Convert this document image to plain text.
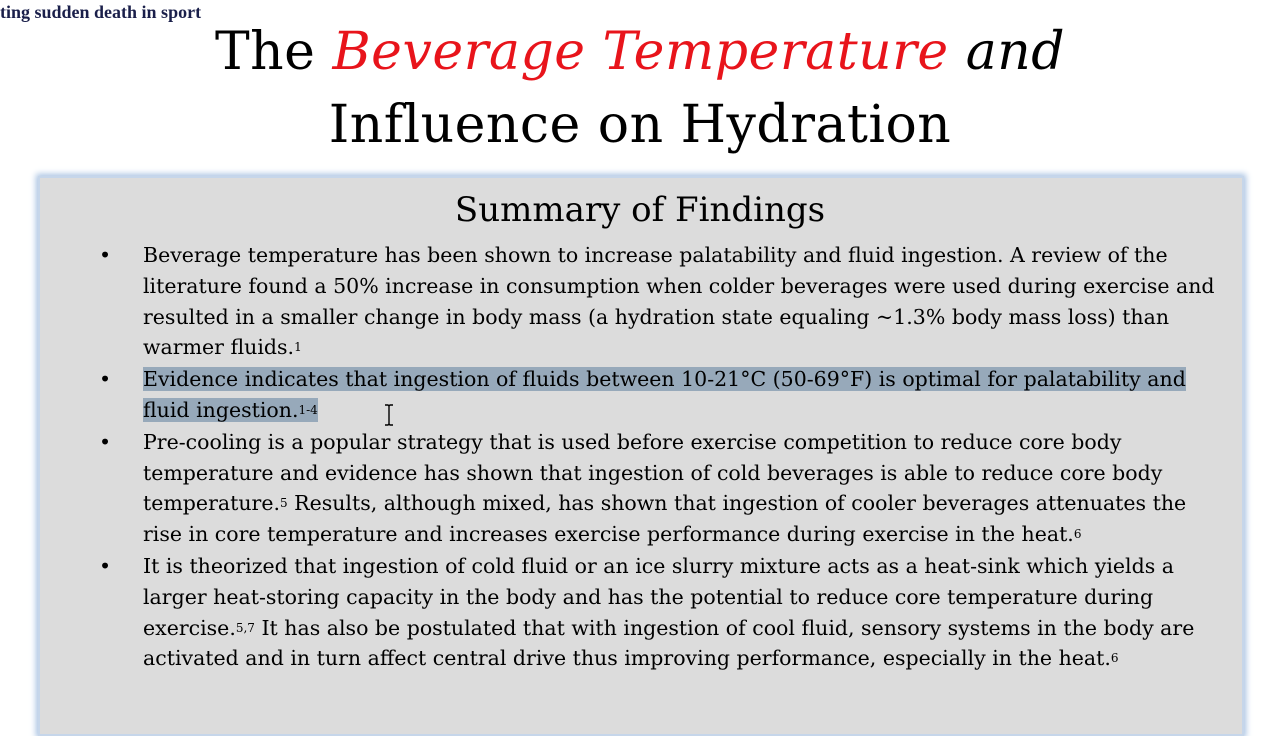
ting sudden death in sport
The Beverage Temperature and
Influence on Hydration
Summary of Findings
• Beverage temperature has been shown to increase palatability and fluid ingestion. A review of the literature found a 50% increase in consumption when colder beverages were used during exercise and resulted in a smaller change in body mass (a hydration state equaling ~1.3% body mass loss) than warmer fluids.$^1$
• Evidence indicates that ingestion of fluids between 10-21°C (50-69°F) is optimal for palatability and fluid ingestion.$^{1-4}$
• Pre-cooling is a popular strategy that is used before exercise competition to reduce core body temperature and evidence has shown that ingestion of cold beverages is able to reduce core body temperature.$^5$ Results, although mixed, has shown that ingestion of cooler beverages attenuates the rise in core temperature and increases exercise performance during exercise in the heat.$^6$
• It is theorized that ingestion of cold fluid or an ice slurry mixture acts as a heat-sink which yields a larger heat-storing capacity in the body and has the potential to reduce core temperature during exercise.$^{5,7}$ It has also be postulated that with ingestion of cool fluid, sensory systems in the body are activated and in turn affect central drive thus improving performance, especially in the heat.$^6$
